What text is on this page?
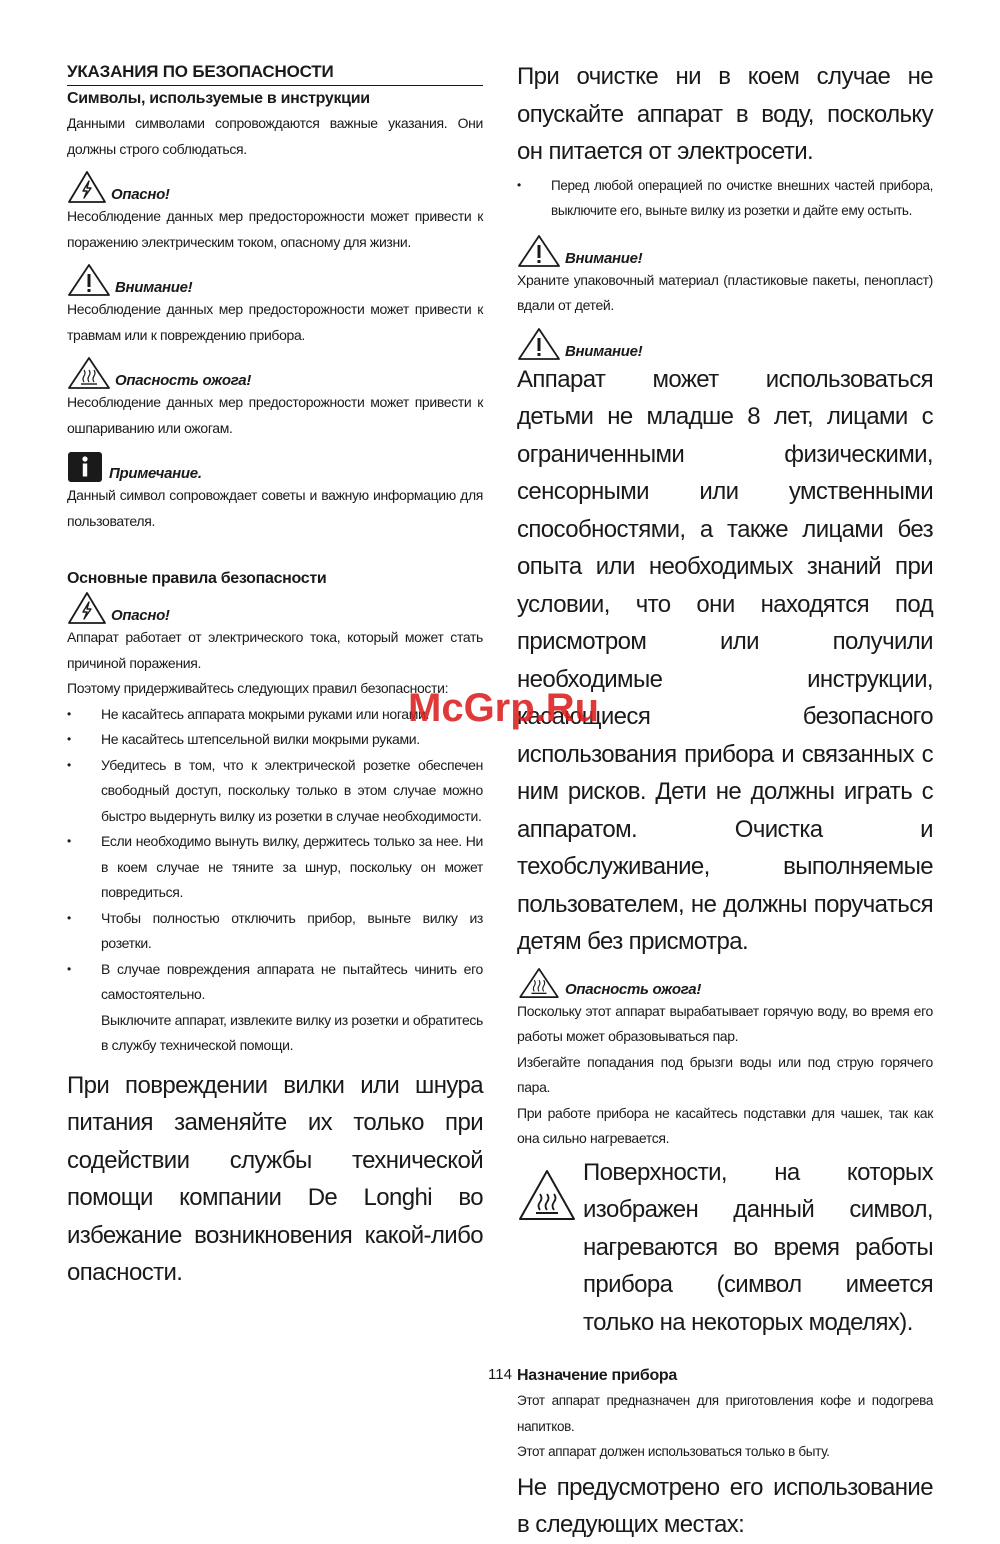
УКАЗАНИЯ ПО БЕЗОПАСНОСТИ
Символы, используемые в инструкции

Данными символами сопровождаются важные указания. Они должны строго соблюдаться.

Опасно!

Несоблюдение данных мер предосторожности может привести к поражению электрическим током, опасному для жизни.

Внимание!

Несоблюдение данных мер предосторожности может привести к травмам или к повреждению прибора.

Опасность ожога!

Несоблюдение данных мер предосторожности может привести к ошпариванию или ожогам.

Примечание.

Данный символ сопровождает советы и важную информацию для пользователя.

Основные правила безопасности
Опасно!

Аппарат работает от электрического тока, который может стать причиной поражения.

Поэтому придерживайтесь следующих правил безопасности:

• Не касайтесь аппарата мокрыми руками или ногами.
• Не касайтесь штепсельной вилки мокрыми руками.
• Убедитесь в том, что к электрической розетке обеспечен свободный доступ, поскольку только в этом случае можно быстро выдернуть вилку из розетки в случае необходимости.
• Если необходимо вынуть вилку, держитесь только за нее. Ни в коем случае не тяните за шнур, поскольку он может повредиться.
• Чтобы полностью отключить прибор, выньте вилку из розетки.
• В случае повреждения аппарата не пытайтесь чинить его самостоятельно.

Выключите аппарат, извлеките вилку из розетки и обратитесь в службу технической помощи.

При повреждении вилки или шнура питания заменяйте их только при содействии службы технической помощи компании De Longhi во избежание возникновения какой-либо опасности.

При очистке ни в коем случае не опускайте аппарат в воду, поскольку он питается от электросети.

• Перед любой операцией по очистке внешних частей прибора, выключите его, выньте вилку из розетки и дайте ему остыть.
Внимание!

Храните упаковочный материал (пластиковые пакеты, пенопласт) вдали от детей.

Внимание!

Аппарат может использоваться детьми не младше 8 лет, лицами с ограниченными физическими, сенсорными или умственными способностями, а также лицами без опыта или необходимых знаний при условии, что они находятся под присмотром или получили необходимые инструкции, касающиеся безопасного использования прибора и связанных с ним рисков. Дети не должны играть с аппаратом. Очистка и техобслуживание, выполняемые пользователем, не должны поручаться детям без присмотра.

Опасность ожога!

Поскольку этот аппарат вырабатывает горячую воду, во время его работы может образовываться пар.

Избегайте попадания под брызги воды или под струю горячего пара.

При работе прибора не касайтесь подставки для чашек, так как она сильно нагревается.

Поверхности, на которых изображен данный символ, нагреваются во время работы прибора (символ имеется только на некоторых моделях).

Назначение прибора

Этот аппарат предназначен для приготовления кофе и подогрева напитков.

Этот аппарат должен использоваться только в быту.

Не предусмотрено его использование в следующих местах:

McGrp.Ru
114
